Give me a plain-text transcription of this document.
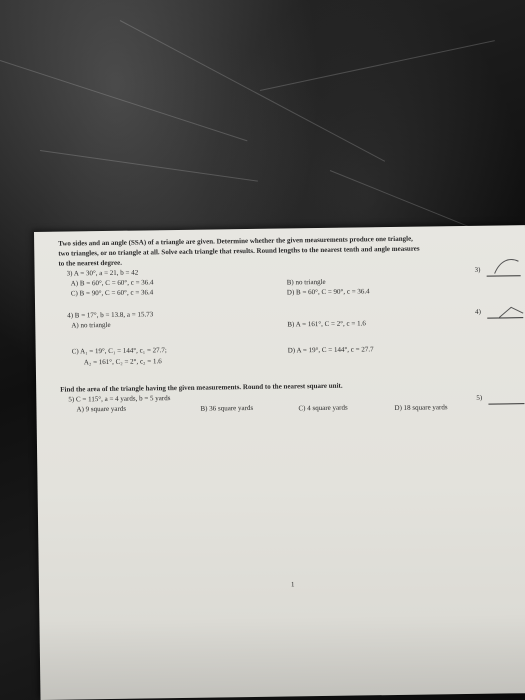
Two sides and an angle (SSA) of a triangle are given. Determine whether the given measurements produce one triangle,
two triangles, or no triangle at all. Solve each triangle that results. Round lengths to the nearest tenth and angle measures
to the nearest degree.
3) A = 30°, a = 21, b = 42
A) B = 60°, C = 60°, c = 36.4	B) no triangle
C) B = 90°, C = 60°, c = 36.4	D) B = 60°, C = 90°, c = 36.4
3)
4) B = 17°, b = 13.8, a = 15.73
A) no triangle	B) A = 161°, C = 2°, c = 1.6
C) A₁ = 19°, C₁ = 144°, c₁ = 27.7;
A₂ = 161°, C₂ = 2°, c₂ = 1.6
D) A = 19°, C = 144°, c = 27.7
4)
Find the area of the triangle having the given measurements. Round to the nearest square unit.
5) C = 115°, a = 4 yards, b = 5 yards
A) 9 square yards	B) 36 square yards	C) 4 square yards	D) 18 square yards
5)
1
